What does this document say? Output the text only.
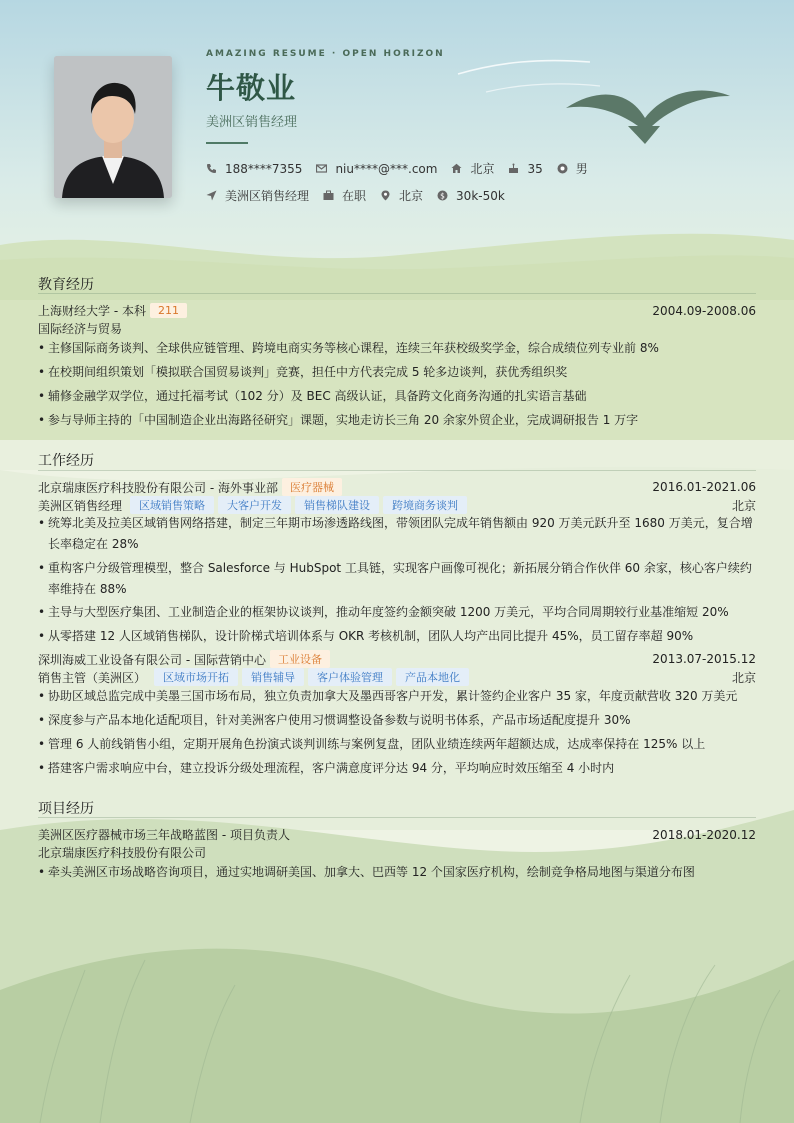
AMAZING RESUME · OPEN HORIZON
牛敬业
美洲区销售经理
188****7355	niu****@***.com	北京	35	男
美洲区销售经理	在职	北京 $ 30k-50k
教育经历
上海财经大学 - 本科	211	2004.09-2008.06
国际经济与贸易
• 主修国际商务谈判、全球供应链管理、跨境电商实务等核心课程，连续三年获校级奖学金，综合成绩位列专业前 8%
• 在校期间组织策划「模拟联合国贸易谈判」竞赛，担任中方代表完成 5 轮多边谈判，获优秀组织奖
• 辅修金融学双学位，通过托福考试（102 分）及 BEC 高级认证，具备跨文化商务沟通的扎实语言基础
• 参与导师主持的「中国制造企业出海路径研究」课题，实地走访长三角 20 余家外贸企业，完成调研报告 1 万字
工作经历
北京瑞康医疗科技股份有限公司 - 海外事业部	医疗器械	2016.01-2021.06
美洲区销售经理	区域销售策略	大客户开发	销售梯队建设	跨境商务谈判	北京
• 统筹北美及拉美区域销售网络搭建，制定三年期市场渗透路线图，带领团队完成年销售额由 920 万美元跃升至 1680 万美元，复合增长率稳定在 28%
• 重构客户分级管理模型，整合 Salesforce 与 HubSpot 工具链，实现客户画像可视化；新拓展分销合作伙伴 60 余家，核心客户续约率维持在 88%
• 主导与大型医疗集团、工业制造企业的框架协议谈判，推动年度签约金额突破 1200 万美元，平均合同周期较行业基准缩短 20%
• 从零搭建 12 人区域销售梯队，设计阶梯式培训体系与 OKR 考核机制，团队人均产出同比提升 45%，员工留存率超 90%
深圳海威工业设备有限公司 - 国际营销中心	工业设备	2013.07-2015.12
销售主管（美洲区）	区域市场开拓	销售辅导	客户体验管理	产品本地化	北京
• 协助区域总监完成中美墨三国市场布局，独立负责加拿大及墨西哥客户开发，累计签约企业客户 35 家，年度贡献营收 320 万美元
• 深度参与产品本地化适配项目，针对美洲客户使用习惯调整设备参数与说明书体系，产品市场适配度提升 30%
• 管理 6 人前线销售小组，定期开展角色扮演式谈判训练与案例复盘，团队业绩连续两年超额达成，达成率保持在 125% 以上
• 搭建客户需求响应中台，建立投诉分级处理流程，客户满意度评分达 94 分，平均响应时效压缩至 4 小时内
项目经历
美洲区医疗器械市场三年战略蓝图 - 项目负责人	2018.01-2020.12
北京瑞康医疗科技股份有限公司
• 牵头美洲区市场战略咨询项目，通过实地调研美国、加拿大、巴西等 12 个国家医疗机构，绘制竞争格局地图与渠道分布图
